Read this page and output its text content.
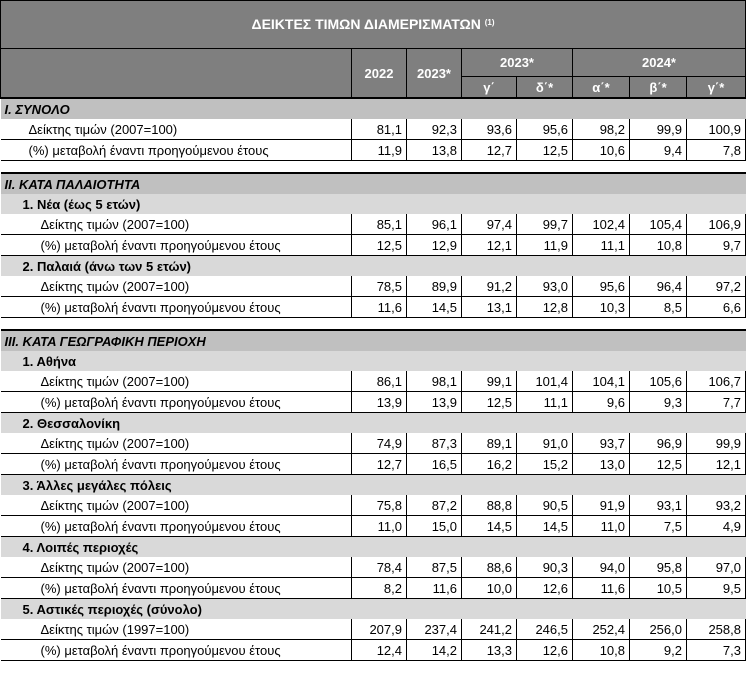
ΔΕΙΚΤΕΣ ΤΙΜΩΝ ΔΙΑΜΕΡΙΣΜΑΤΩΝ $^{(1)}$
	2022	2023*	2023*		2024*		
			γ΄	δ΄*	α΄*	β΄*	γ΄*
Ι. ΣΥΝΟΛΟ							
Δείκτης τιμών (2007=100)	81,1	92,3	93,6	95,6	98,2	99,9	100,9
(%) μεταβολή έναντι προηγούμενου έτους	11,9	13,8	12,7	12,5	10,6	9,4	7,8

ΙΙ. ΚΑΤΑ ΠΑΛΑΙΟΤΗΤΑ							
1. Νέα (έως 5 ετών)							
Δείκτης τιμών (2007=100)	85,1	96,1	97,4	99,7	102,4	105,4	106,9
(%) μεταβολή έναντι προηγούμενου έτους	12,5	12,9	12,1	11,9	11,1	10,8	9,7
2. Παλαιά (άνω των 5 ετών)							
Δείκτης τιμών (2007=100)	78,5	89,9	91,2	93,0	95,6	96,4	97,2
(%) μεταβολή έναντι προηγούμενου έτους	11,6	14,5	13,1	12,8	10,3	8,5	6,6

ΙΙΙ. ΚΑΤΑ ΓΕΩΓΡΑΦΙΚΗ ΠΕΡΙΟΧΗ							
1. Αθήνα							
Δείκτης τιμών (2007=100)	86,1	98,1	99,1	101,4	104,1	105,6	106,7
(%) μεταβολή έναντι προηγούμενου έτους	13,9	13,9	12,5	11,1	9,6	9,3	7,7
2. Θεσσαλονίκη							
Δείκτης τιμών (2007=100)	74,9	87,3	89,1	91,0	93,7	96,9	99,9
(%) μεταβολή έναντι προηγούμενου έτους	12,7	16,5	16,2	15,2	13,0	12,5	12,1
3. Άλλες μεγάλες πόλεις							
Δείκτης τιμών (2007=100)	75,8	87,2	88,8	90,5	91,9	93,1	93,2
(%) μεταβολή έναντι προηγούμενου έτους	11,0	15,0	14,5	14,5	11,0	7,5	4,9
4. Λοιπές περιοχές							
Δείκτης τιμών (2007=100)	78,4	87,5	88,6	90,3	94,0	95,8	97,0
(%) μεταβολή έναντι προηγούμενου έτους	8,2	11,6	10,0	12,6	11,6	10,5	9,5
5. Αστικές περιοχές (σύνολο)							
Δείκτης τιμών (1997=100)	207,9	237,4	241,2	246,5	252,4	256,0	258,8
(%) μεταβολή έναντι προηγούμενου έτους	12,4	14,2	13,3	12,6	10,8	9,2	7,3
